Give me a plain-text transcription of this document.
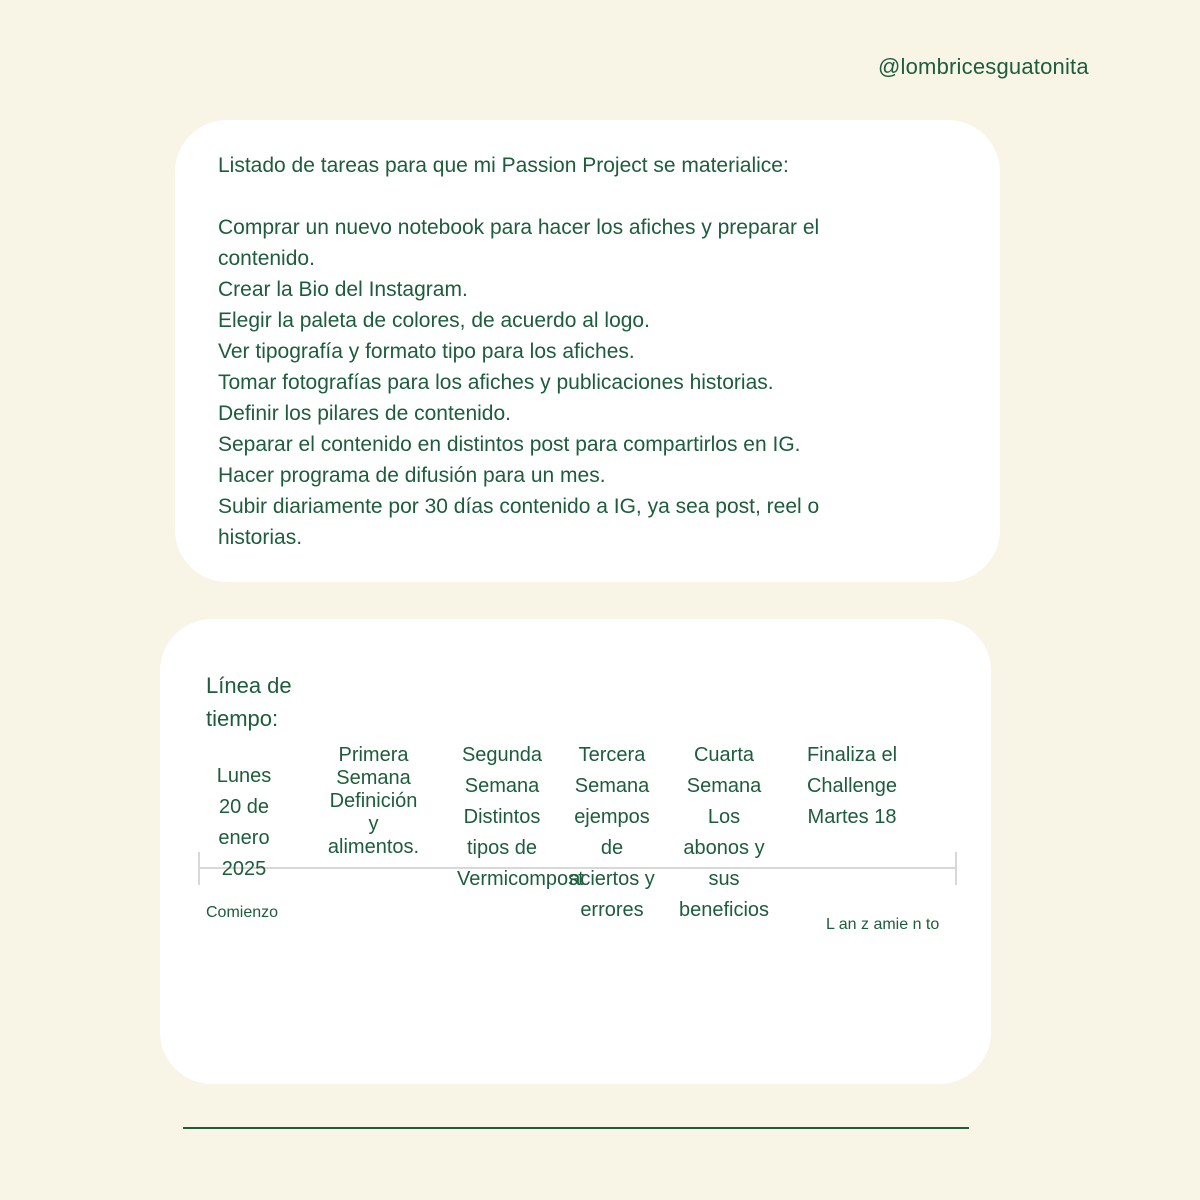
@lombricesguatonita
Listado de tareas para que mi Passion Project se materialice:
Comprar un nuevo notebook para hacer los afiches y preparar el contenido.
Crear la Bio del Instagram.
Elegir la paleta de colores, de acuerdo al logo.
Ver tipografía y formato tipo para los afiches.
Tomar fotografías para los afiches y publicaciones historias.
Definir los pilares de contenido.
Separar el contenido en distintos post para compartirlos en IG.
Hacer programa de difusión para un mes.
Subir diariamente por 30 días contenido a IG, ya sea post, reel o historias.
Línea de tiempo:
Lunes 20 de enero 2025
Comienzo
Primera Semana Definición y alimentos.
Segunda Semana Distintos tipos de Vermicompost
Tercera Semana ejempos de aciertos y errores
Cuarta Semana Los abonos y sus beneficios
Finaliza el Challenge Martes 18
L an z amie n to
